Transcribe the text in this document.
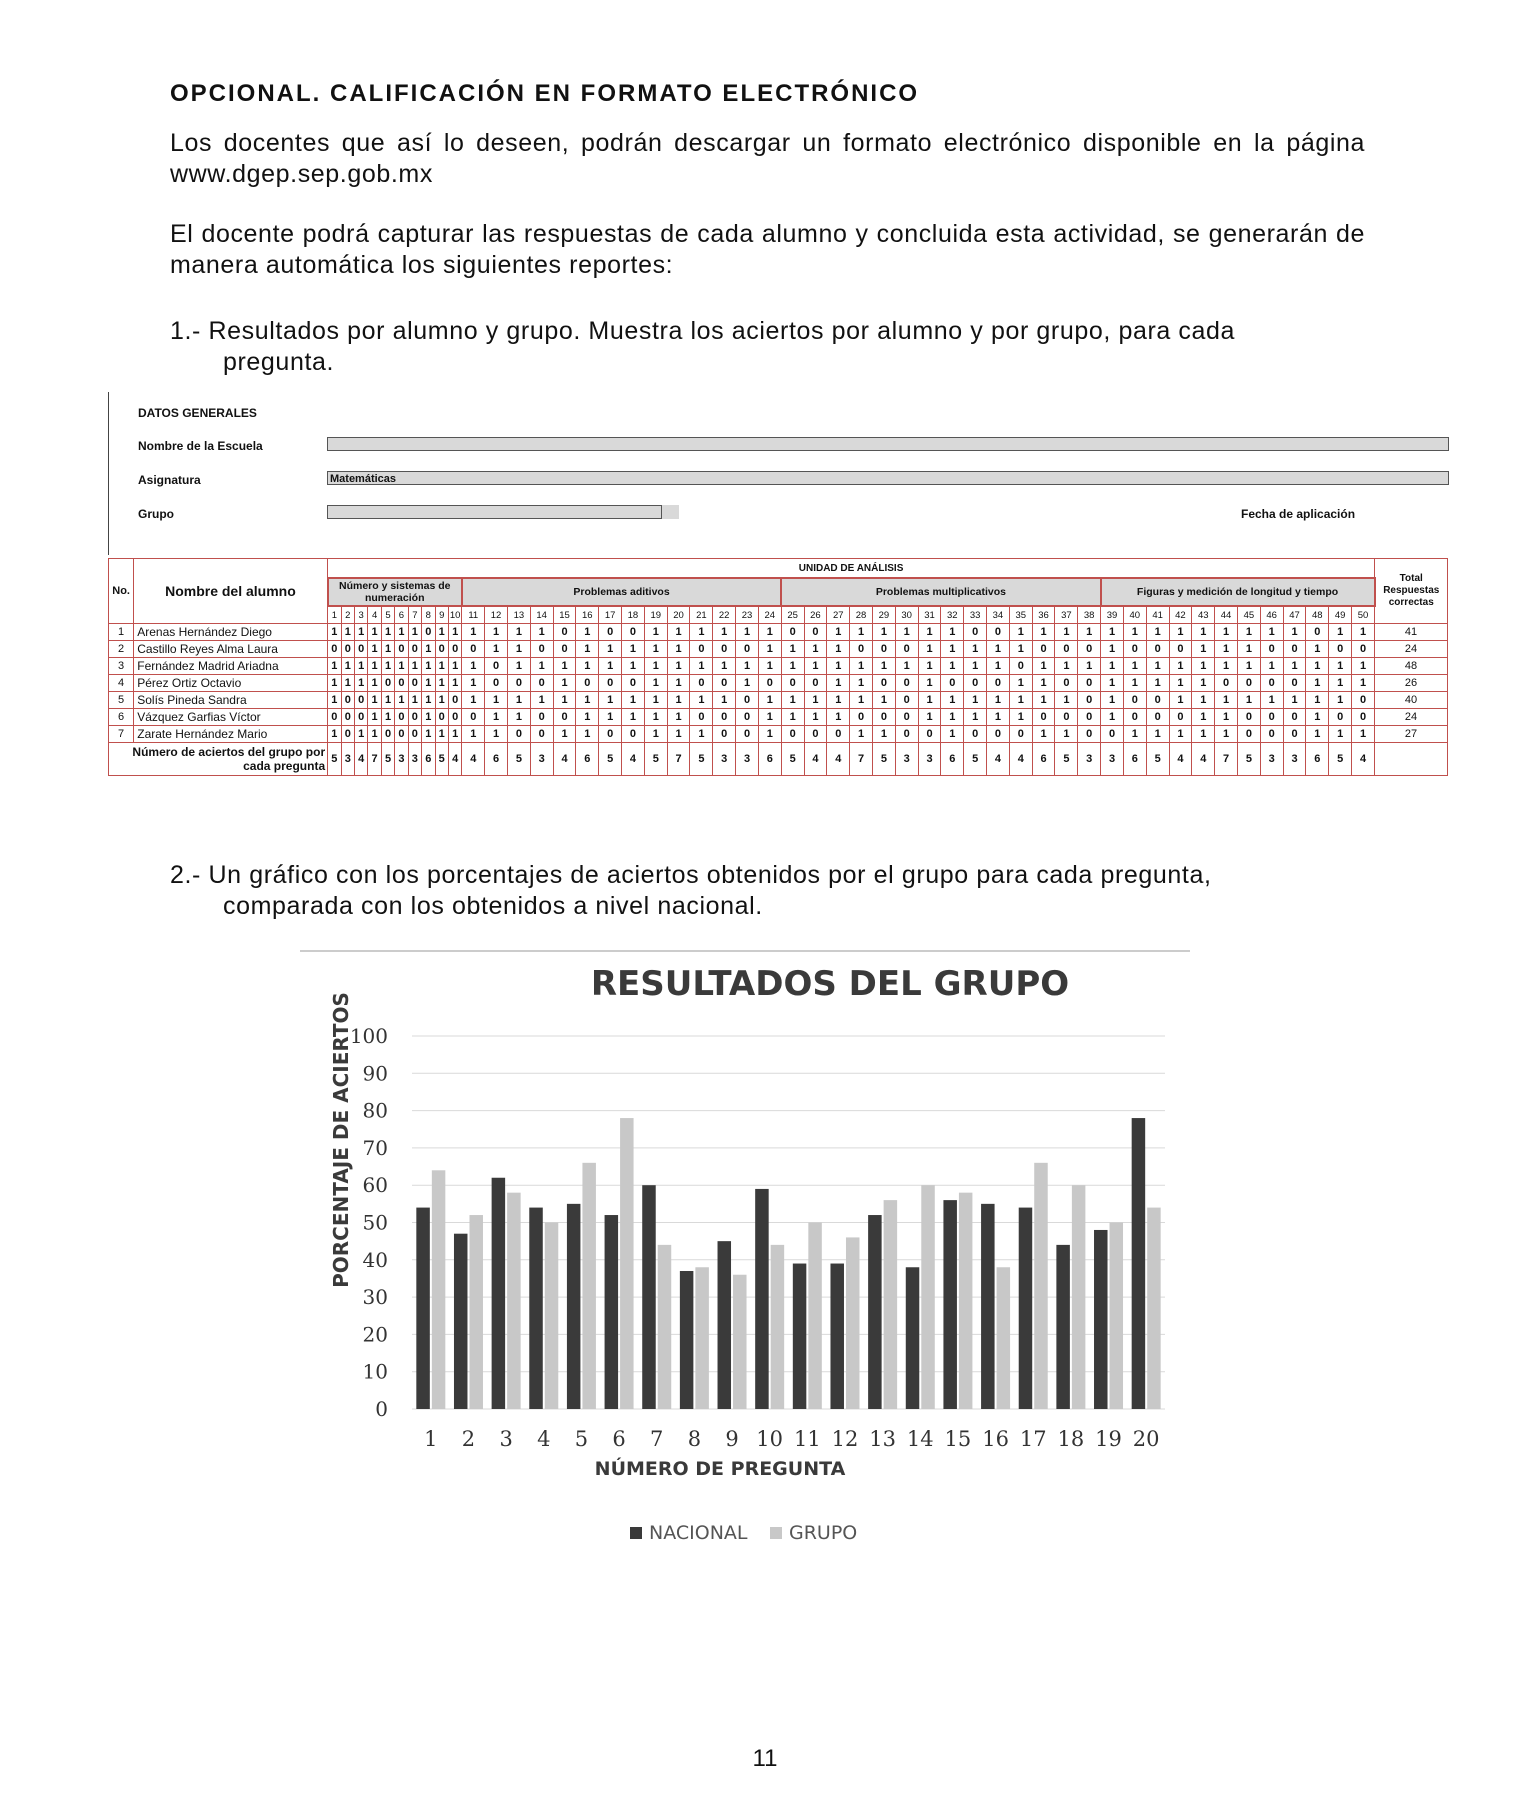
OPCIONAL. CALIFICACIÓN EN FORMATO ELECTRÓNICO
Los docentes que así lo deseen, podrán descargar un formato electrónico disponible en la página www.dgep.sep.gob.mx
El docente podrá capturar las respuestas de cada alumno y concluida esta actividad, se generarán de manera automática los siguientes reportes:
1.- Resultados por alumno y grupo. Muestra los aciertos por alumno y por grupo, para cada
pregunta.
DATOS GENERALES
Nombre de la Escuela
Asignatura	Matemáticas
Grupo	Fecha de aplicación
No.	Nombre del alumno	UNIDAD DE ANÁLISIS																																																		Total Respuestas correctas
		Número y sistemas de numeración										Problemas aditivos														Problemas multiplicativos														Figuras y medición de longitud y tiempo												
		1	2	3	4	5	6	7	8	9	10	11	12	13	14	15	16	17	18	19	20	21	22	23	24	25	26	27	28	29	30	31	32	33	34	35	36	37	38	39	40	41	42	43	44	45	46	47	48	49	50	
1	Arenas Hernández Diego	1	1	1	1	1	1	1	0	1	1	1	1	1	1	0	1	0	0	1	1	1	1	1	1	0	0	1	1	1	1	1	1	0	0	1	1	1	1	1	1	1	1	1	1	1	1	1	0	1	1	41
2	Castillo Reyes Alma Laura	0	0	0	1	1	0	0	1	0	0	0	1	1	0	0	1	1	1	1	1	0	0	0	1	1	1	1	0	0	0	1	1	1	1	1	0	0	0	1	0	0	0	1	1	1	0	0	1	0	0	24
3	Fernández Madrid Ariadna	1	1	1	1	1	1	1	1	1	1	1	0	1	1	1	1	1	1	1	1	1	1	1	1	1	1	1	1	1	1	1	1	1	1	0	1	1	1	1	1	1	1	1	1	1	1	1	1	1	1	48
4	Pérez Ortiz Octavio	1	1	1	1	0	0	0	1	1	1	1	0	0	0	1	0	0	0	1	1	0	0	1	0	0	0	1	1	0	0	1	0	0	0	1	1	0	0	1	1	1	1	1	0	0	0	0	1	1	1	26
5	Solís Pineda Sandra	1	0	0	1	1	1	1	1	1	0	1	1	1	1	1	1	1	1	1	1	1	1	0	1	1	1	1	1	1	0	1	1	1	1	1	1	1	0	1	0	0	1	1	1	1	1	1	1	1	0	40
6	Vázquez Garfias Víctor	0	0	0	1	1	0	0	1	0	0	0	1	1	0	0	1	1	1	1	1	0	0	0	1	1	1	1	0	0	0	1	1	1	1	1	0	0	0	1	0	0	0	1	1	0	0	0	1	0	0	24
7	Zarate Hernández Mario	1	0	1	1	0	0	0	1	1	1	1	1	0	0	1	1	0	0	1	1	1	0	0	1	0	0	0	1	1	0	0	1	0	0	0	1	1	0	0	1	1	1	1	1	0	0	0	1	1	1	27
Número de aciertos del grupo por cada pregunta		5	3	4	7	5	3	3	6	5	4	4	6	5	3	4	6	5	4	5	7	5	3	3	6	5	4	4	7	5	3	3	6	5	4	4	6	5	3	3	6	5	4	4	7	5	3	3	6	5	4	
2.- Un gráfico con los porcentajes de aciertos obtenidos por el grupo para cada pregunta,
comparada con los obtenidos a nivel nacional.
RESULTADOS DEL GRUPO
0
10
20
30
40
50
60
70
80
90
100
1 2 3 4 5 6 7 8 9 10 11 12 13 14 15 16 17 18 19 20
PORCENTAJE DE ACIERTOS
NÚMERO DE PREGUNTA
NACIONAL GRUPO
11
